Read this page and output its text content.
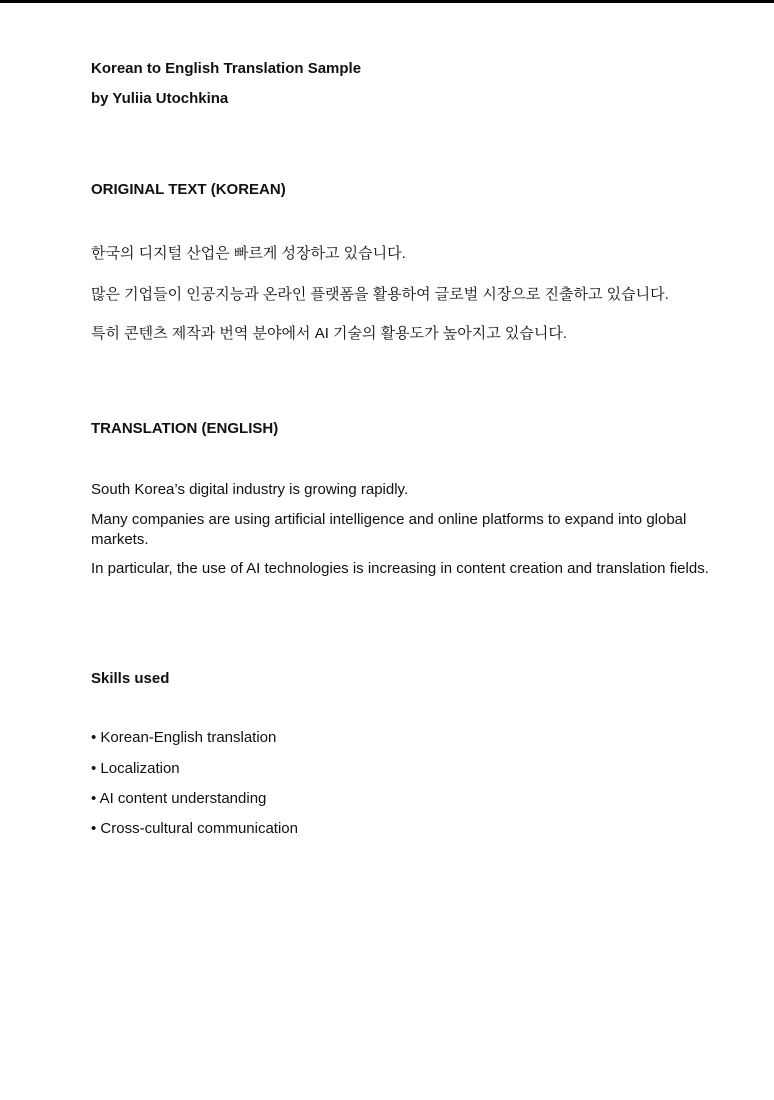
Korean to English Translation Sample
by Yuliia Utochkina
ORIGINAL TEXT (KOREAN)
한국의 디지털 산업은 빠르게 성장하고 있습니다.
많은 기업들이 인공지능과 온라인 플랫폼을 활용하여 글로벌 시장으로 진출하고 있습니다.
특히 콘텐츠 제작과 번역 분야에서 AI 기술의 활용도가 높아지고 있습니다.
TRANSLATION (ENGLISH)
South Korea’s digital industry is growing rapidly.
Many companies are using artificial intelligence and online platforms to expand into global markets.
In particular, the use of AI technologies is increasing in content creation and translation fields.
Skills used
• Korean-English translation
• Localization
• AI content understanding
• Cross-cultural communication
